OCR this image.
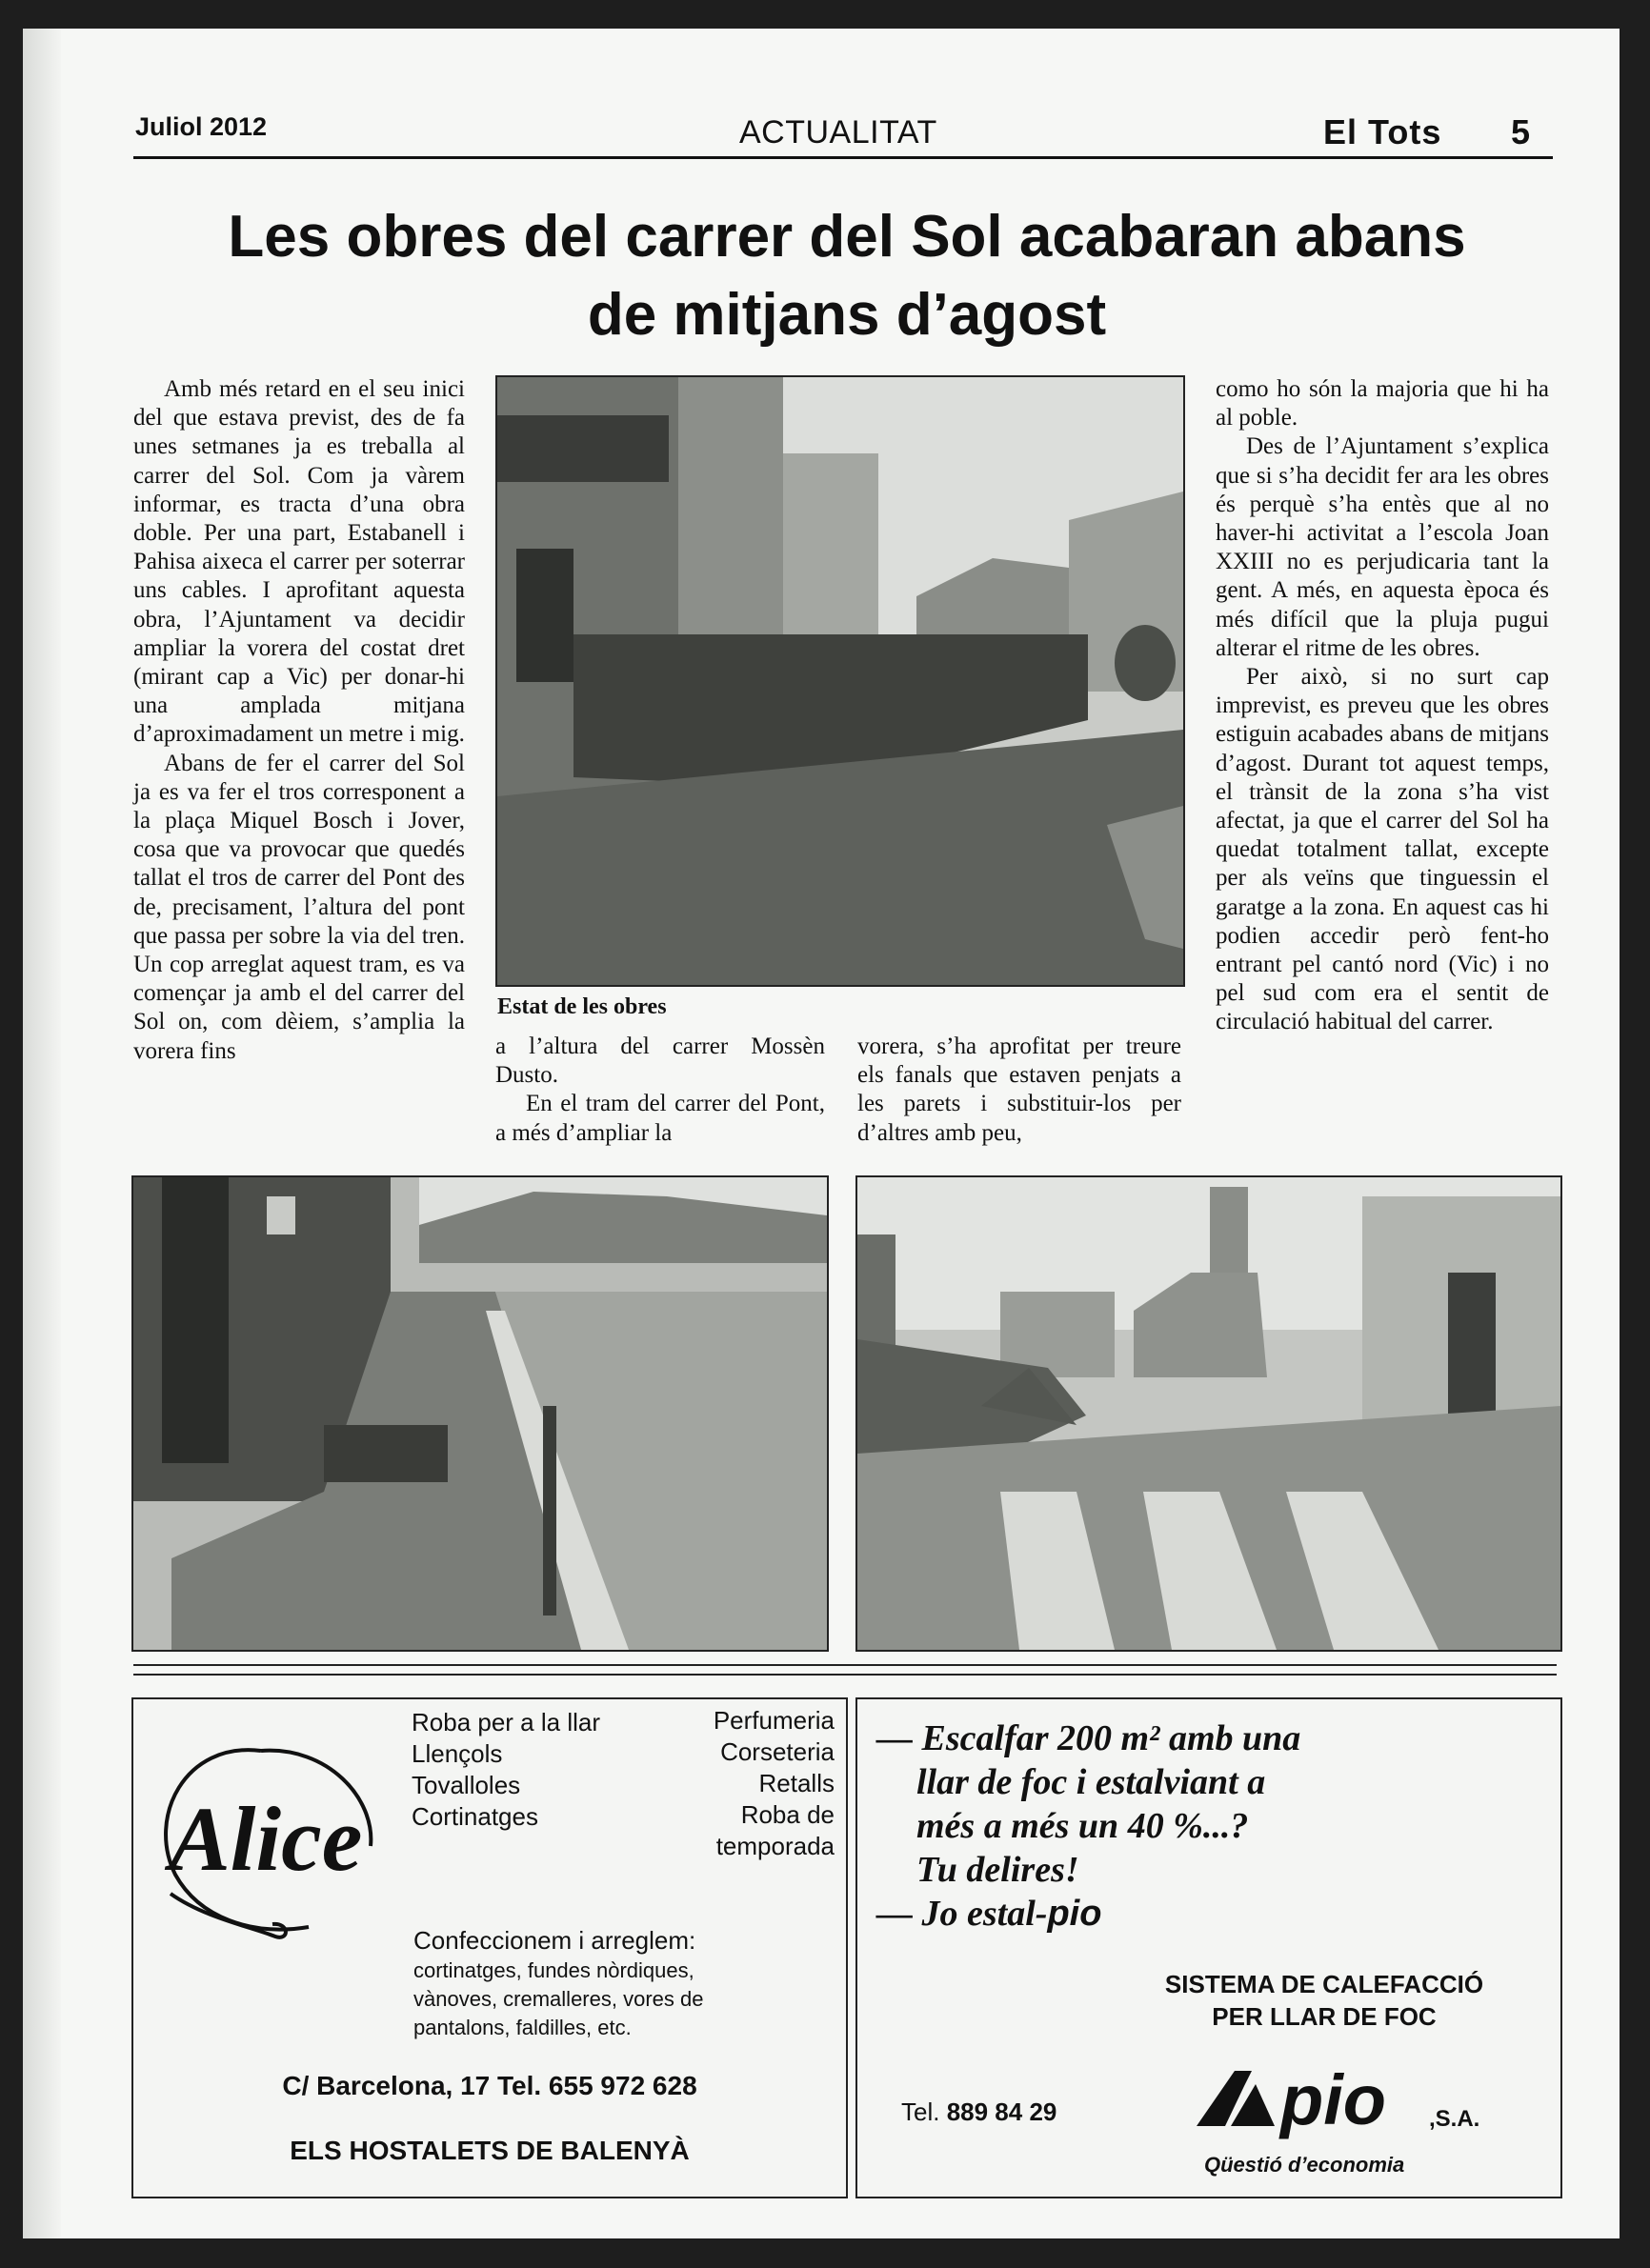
Juliol 2012	ACTUALITAT	El Tots 5
Les obres del carrer del Sol acabaran abans
de mitjans d’agost

Amb més retard en el seu inici del que estava previst, des de fa unes setmanes ja es treballa al carrer del Sol. Com ja vàrem informar, es tracta d’una obra doble. Per una part, Estabanell i Pahisa aixeca el carrer per soterrar uns cables. I aprofitant aquesta obra, l’Ajuntament va decidir ampliar la vorera del costat dret (mirant cap a Vic) per donar-hi una amplada mitjana d’aproximadament un metre i mig.

Abans de fer el carrer del Sol ja es va fer el tros corresponent a la plaça Miquel Bosch i Jover, cosa que va provocar que quedés tallat el tros de carrer del Pont des de, precisament, l’altura del pont que passa per sobre la via del tren. Un cop arreglat aquest tram, es va començar ja amb el del carrer del Sol on, com dèiem, s’amplia la vorera fins

Estat de les obres

a l’altura del carrer Mossèn Dusto.

En el tram del carrer del Pont, a més d’ampliar la

vorera, s’ha aprofitat per treure els fanals que estaven penjats a les parets i substituir-los per d’altres amb peu,

como ho són la majoria que hi ha al poble.

Des de l’Ajuntament s’explica que si s’ha decidit fer ara les obres és perquè s’ha entès que al no haver-hi activitat a l’escola Joan XXIII no es perjudicaria tant la gent. A més, en aquesta època és més difícil que la pluja pugui alterar el ritme de les obres.

Per això, si no surt cap imprevist, es preveu que les obres estiguin acabades abans de mitjans d’agost. Durant tot aquest temps, el trànsit de la zona s’ha vist afectat, ja que el carrer del Sol ha quedat totalment tallat, excepte per als veïns que tinguessin el garatge a la zona. En aquest cas hi podien accedir però fent-ho entrant pel cantó nord (Vic) i no pel sud com era el sentit de circulació habitual del carrer.

Alice
Roba per a la llar
Llençols
Tovalloles
Cortinatges
Perfumeria
Corseteria
Retalls
Roba de
temporada
Confeccionem i arreglem:
cortinatges, fundes nòrdiques,
vànoves, cremalleres, vores de
pantalons, faldilles, etc.
C/ Barcelona, 17 Tel. 655 972 628
ELS HOSTALETS DE BALENYÀ
— Escalfar 200 m² amb una
llar de foc i estalviant a
més a més un 40 %...?
Tu delires!
— Jo estal-pio
SISTEMA DE CALEFACCIÓ
PER LLAR DE FOC
Tel. 889 84 29	pio ,S.A.
Qüestió d’economia
